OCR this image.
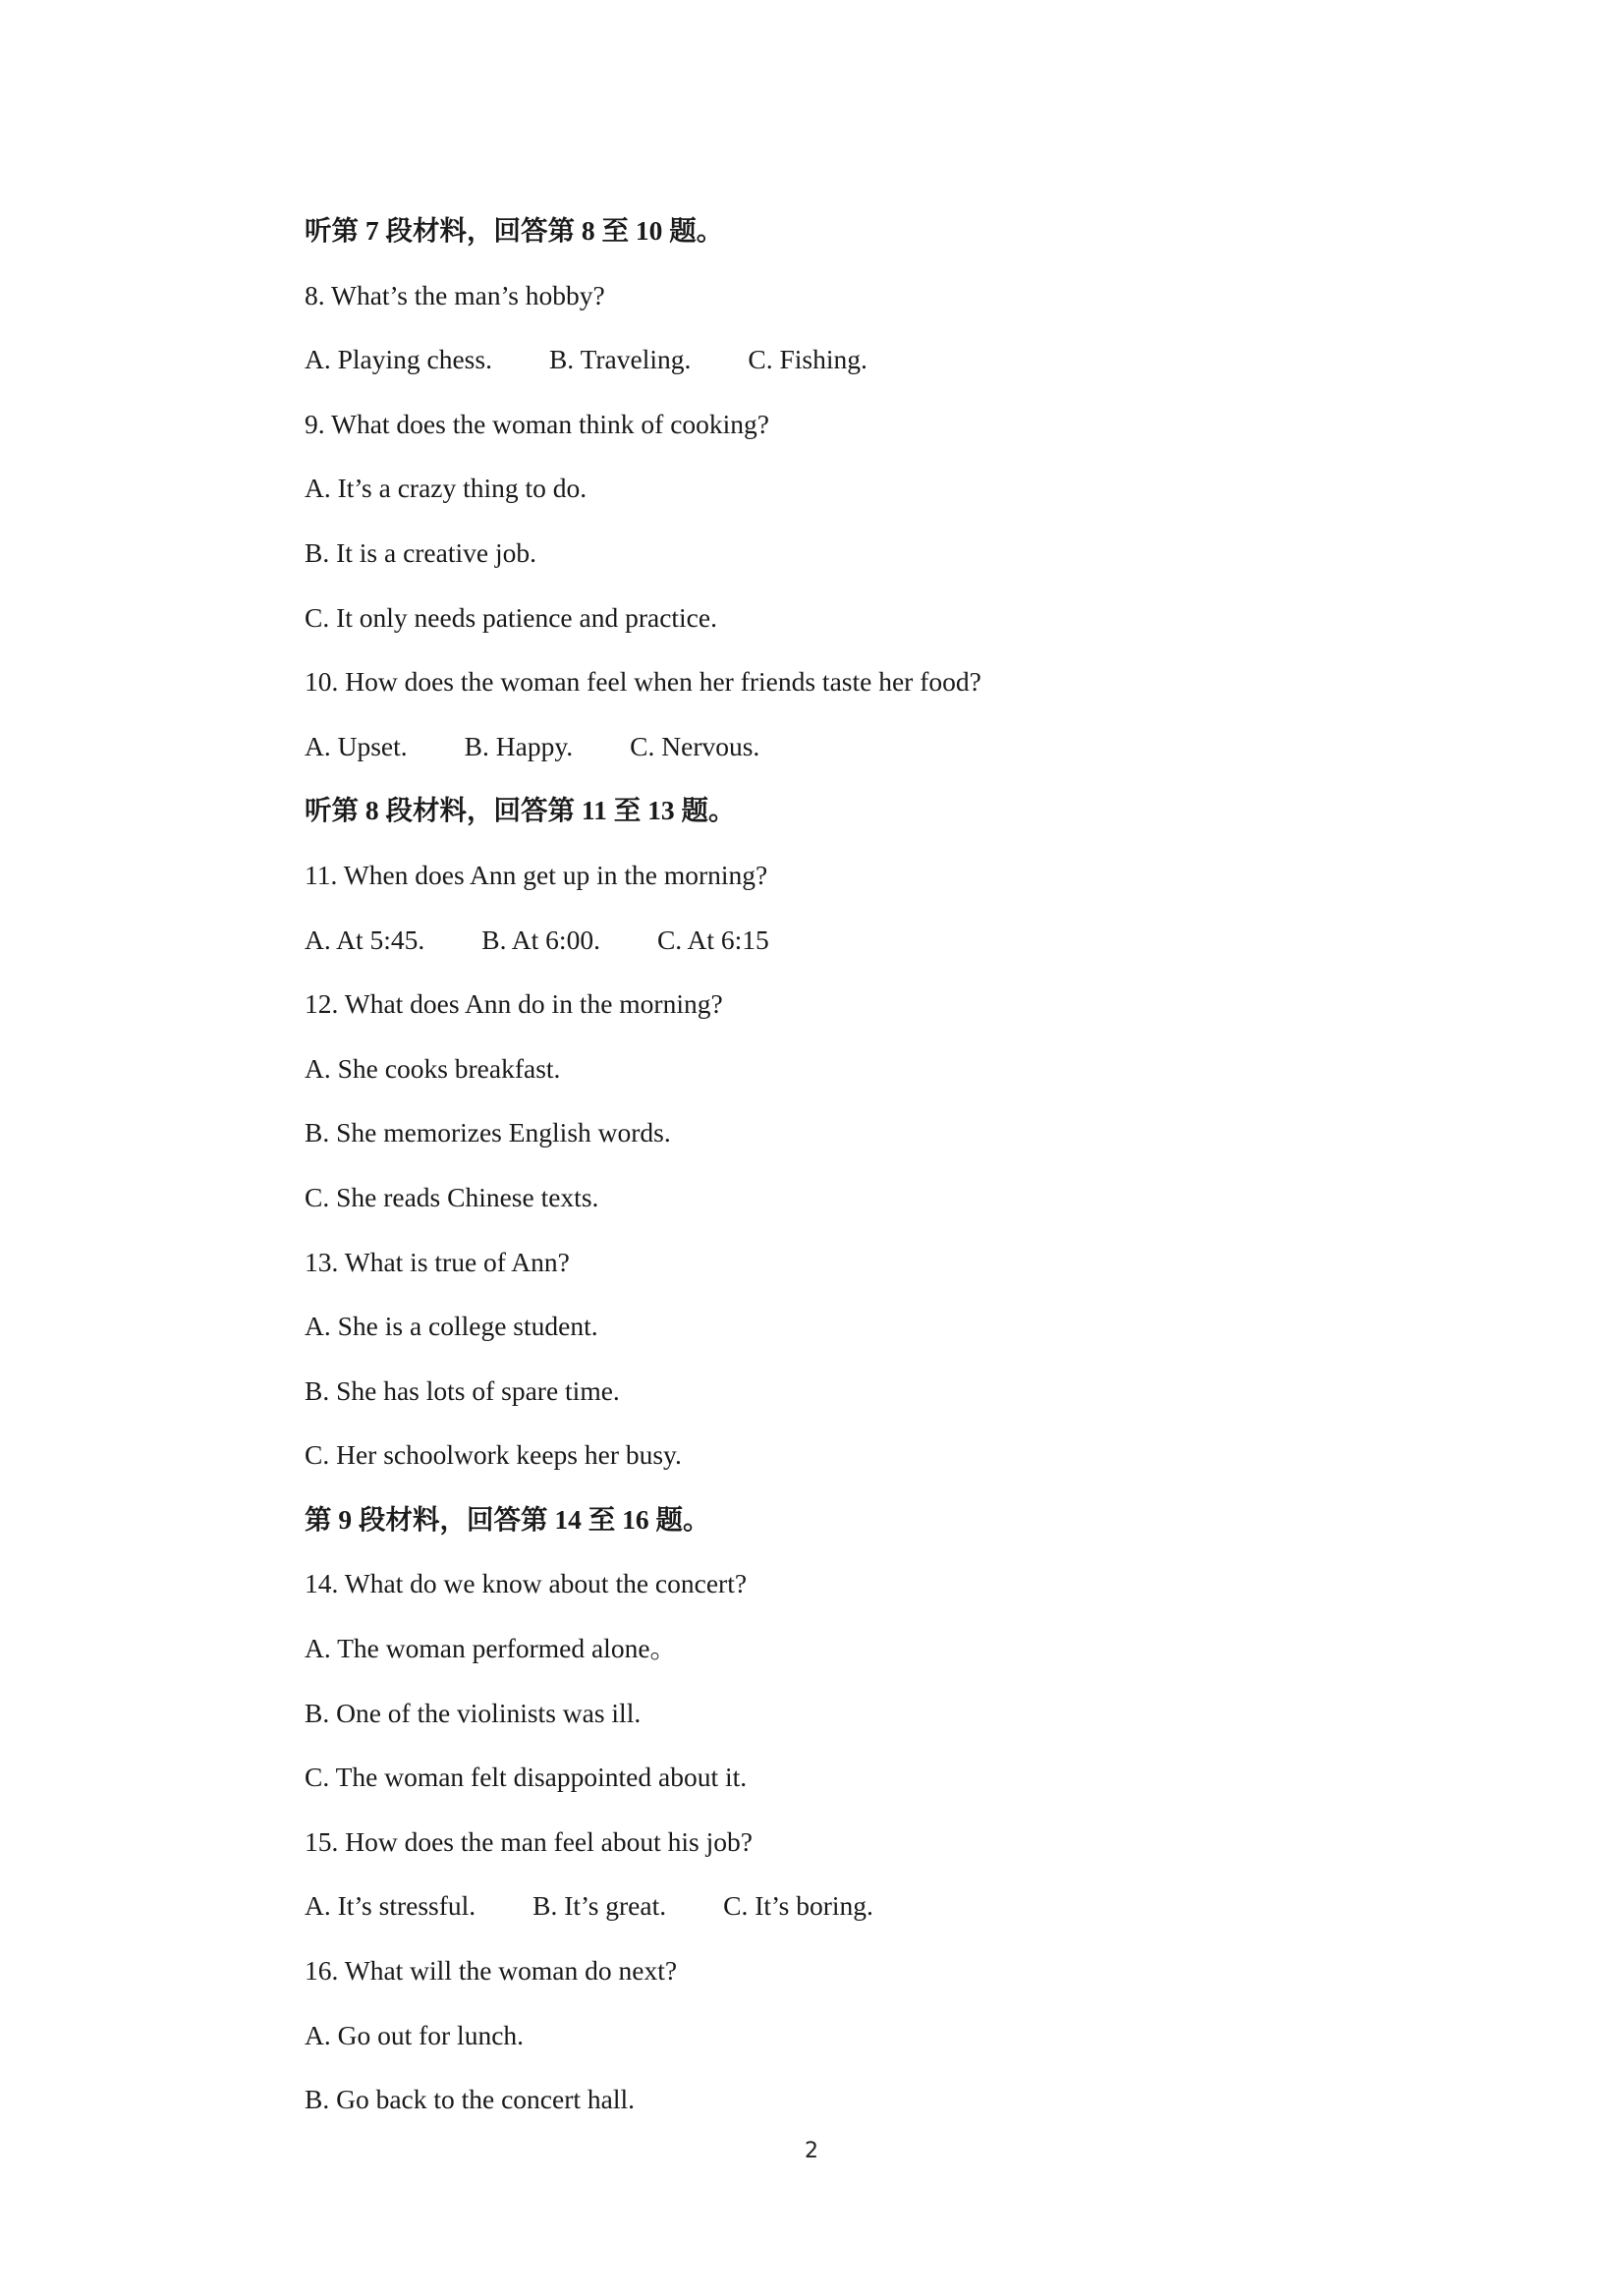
听第 7 段材料，回答第 8 至 10 题。
8. What’s the man’s hobby?
A. Playing chess. B. Traveling. C. Fishing.
9. What does the woman think of cooking?
A. It’s a crazy thing to do.
B. It is a creative job.
C. It only needs patience and practice.
10. How does the woman feel when her friends taste her food?
A. Upset. B. Happy. C. Nervous.
听第 8 段材料，回答第 11 至 13 题。
11. When does Ann get up in the morning?
A. At 5:45. B. At 6:00. C. At 6:15
12. What does Ann do in the morning?
A. She cooks breakfast.
B. She memorizes English words.
C. She reads Chinese texts.
13. What is true of Ann?
A. She is a college student.
B. She has lots of spare time.
C. Her schoolwork keeps her busy.
第 9 段材料，回答第 14 至 16 题。
14. What do we know about the concert?
A. The woman performed alone。
B. One of the violinists was ill.
C. The woman felt disappointed about it.
15. How does the man feel about his job?
A. It’s stressful. B. It’s great. C. It’s boring.
16. What will the woman do next?
A. Go out for lunch.
B. Go back to the concert hall.
2
